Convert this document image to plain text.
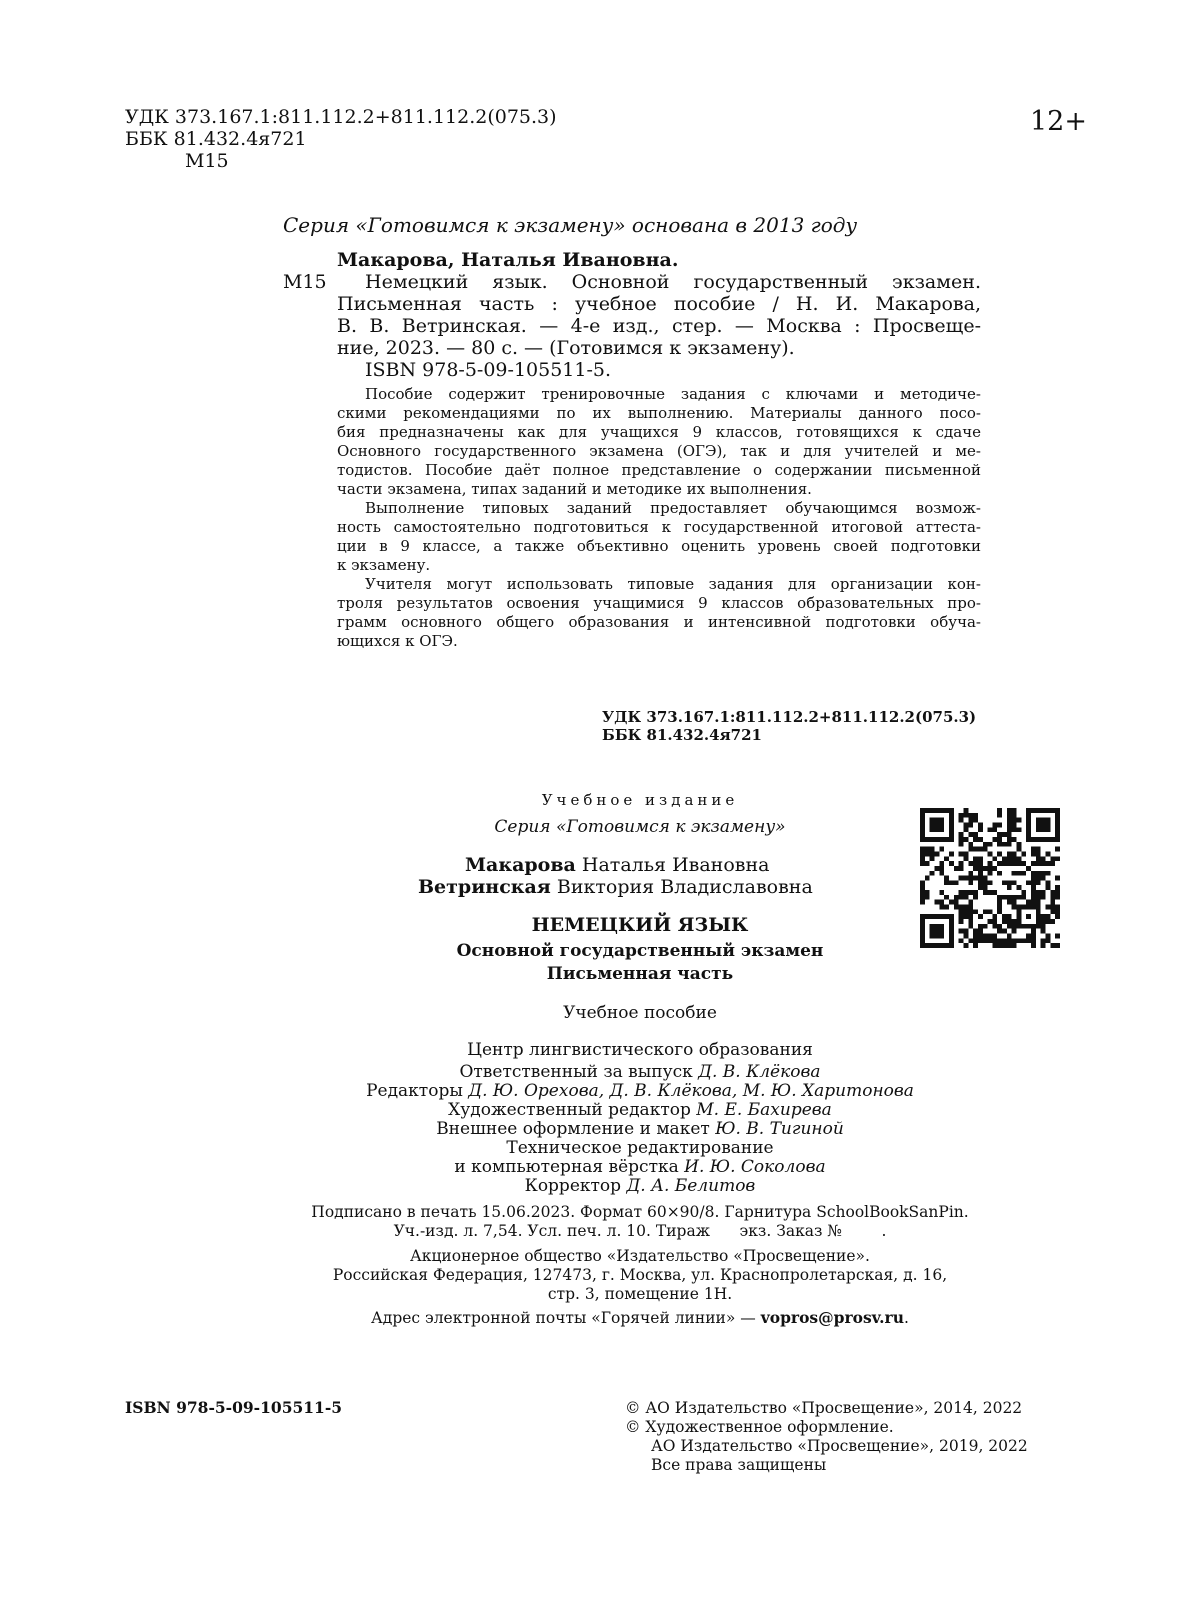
УДК 373.167.1:811.112.2+811.112.2(075.3)
ББК 81.432.4я721
М15
12+
Серия «Готовимся к экзамену» основана в 2013 году
Макарова, Наталья Ивановна.
М15 Немецкий язык. Основной государственный экзамен.
Письменная часть : учебное пособие / Н. И. Макарова,
В. В. Ветринская. — 4-е изд., стер. — Москва : Просвеще-
ние, 2023. — 80 с. — (Готовимся к экзамену).
ISBN 978-5-09-105511-5.
Пособие содержит тренировочные задания с ключами и методиче-
скими рекомендациями по их выполнению. Материалы данного посо-
бия предназначены как для учащихся 9 классов, готовящихся к сдаче
Основного государственного экзамена (ОГЭ), так и для учителей и ме-
тодистов. Пособие даёт полное представление о содержании письменной
части экзамена, типах заданий и методике их выполнения.
Выполнение типовых заданий предоставляет обучающимся возмож-
ность самостоятельно подготовиться к государственной итоговой аттеста-
ции в 9 классе, а также объективно оценить уровень своей подготовки
к экзамену.
Учителя могут использовать типовые задания для организации кон-
троля результатов освоения учащимися 9 классов образовательных про-
грамм основного общего образования и интенсивной подготовки обуча-
ющихся к ОГЭ.
УДК 373.167.1:811.112.2+811.112.2(075.3)
ББК 81.432.4я721
Учебное издание
Серия «Готовимся к экзамену»
Макарова Наталья Ивановна
Ветринская Виктория Владиславовна
НЕМЕЦКИЙ ЯЗЫК
Основной государственный экзамен
Письменная часть
Учебное пособие
Центр лингвистического образования
Ответственный за выпуск Д. В. Клёкова
Редакторы Д. Ю. Орехова, Д. В. Клёкова, М. Ю. Харитонова
Художественный редактор М. Е. Бахирева
Внешнее оформление и макет Ю. В. Тигиной
Техническое редактирование
и компьютерная вёрстка И. Ю. Соколова
Корректор Д. А. Белитов
Подписано в печать 15.06.2023. Формат 60×90/8. Гарнитура SchoolBookSanPin.
Уч.-изд. л. 7,54. Усл. печ. л. 10. Тираж      экз. Заказ №        .
Акционерное общество «Издательство «Просвещение».
Российская Федерация, 127473, г. Москва, ул. Краснопролетарская, д. 16,
стр. 3, помещение 1Н.
Адрес электронной почты «Горячей линии» — vopros@prosv.ru.
ISBN 978-5-09-105511-5	© АО Издательство «Просвещение», 2014, 2022
© Художественное оформление.
АО Издательство «Просвещение», 2019, 2022
Все права защищены
